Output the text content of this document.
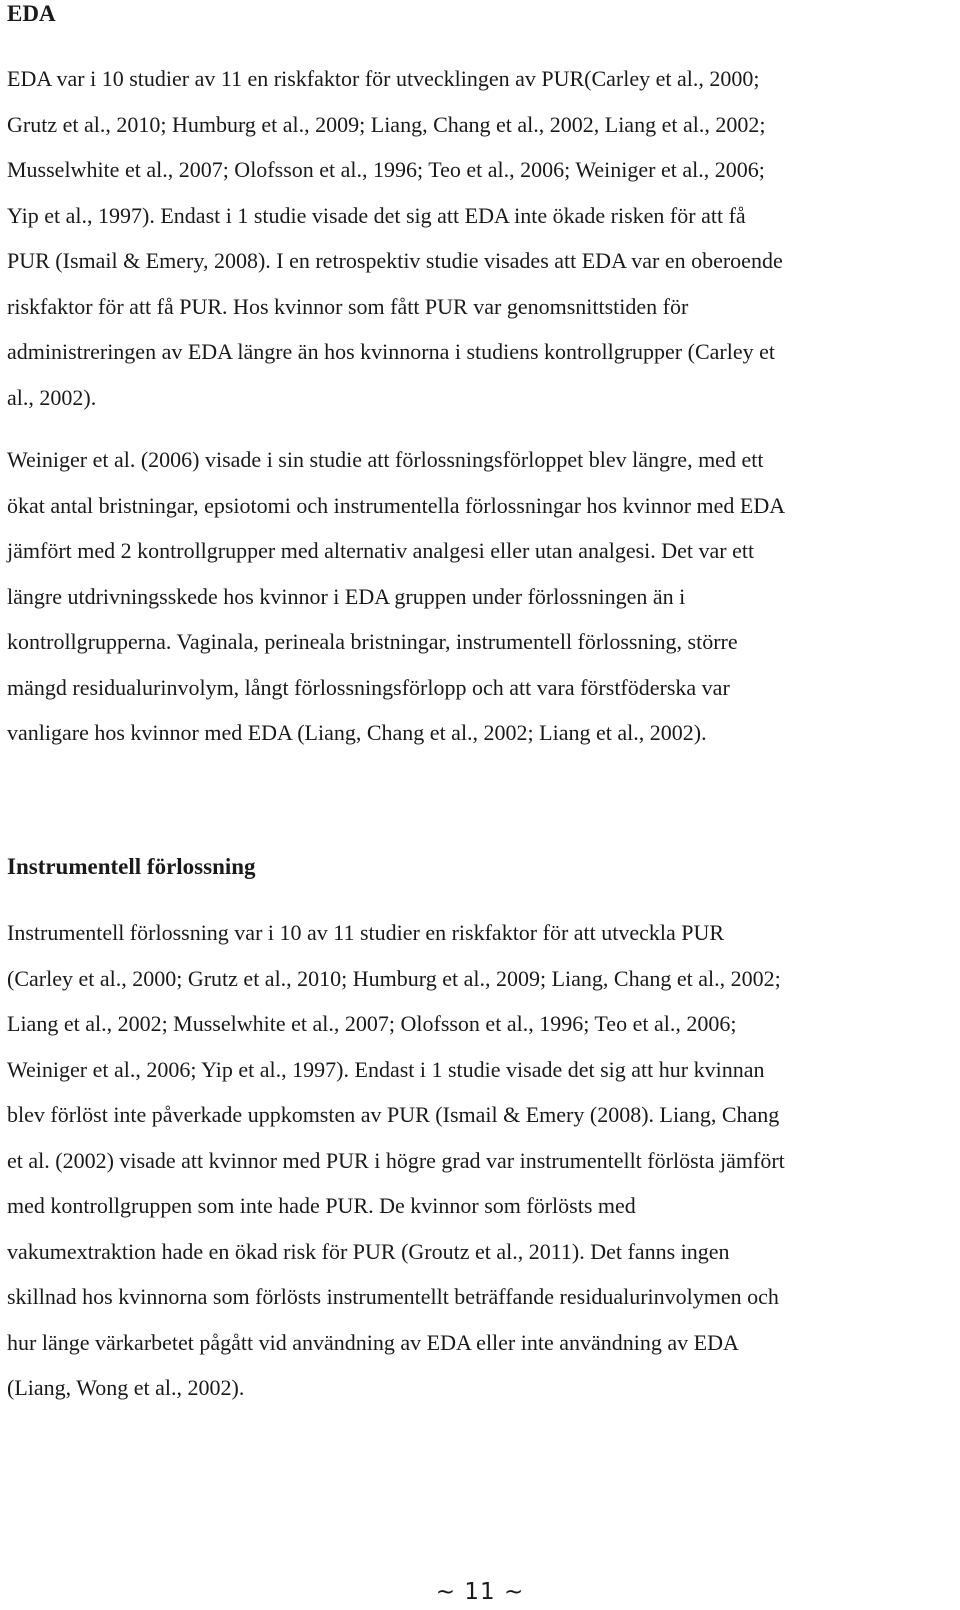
EDA

EDA var i 10 studier av 11 en riskfaktor för utvecklingen av PUR(Carley et al., 2000;
Grutz et al., 2010; Humburg et al., 2009; Liang, Chang et al., 2002, Liang et al., 2002;
Musselwhite et al., 2007; Olofsson et al., 1996; Teo et al., 2006; Weiniger et al., 2006;
Yip et al., 1997). Endast i 1 studie visade det sig att EDA inte ökade risken för att få
PUR (Ismail & Emery, 2008). I en retrospektiv studie visades att EDA var en oberoende
riskfaktor för att få PUR. Hos kvinnor som fått PUR var genomsnittstiden för
administreringen av EDA längre än hos kvinnorna i studiens kontrollgrupper (Carley et
al., 2002).

Weiniger et al. (2006) visade i sin studie att förlossningsförloppet blev längre, med ett
ökat antal bristningar, epsiotomi och instrumentella förlossningar hos kvinnor med EDA
jämfört med 2 kontrollgrupper med alternativ analgesi eller utan analgesi. Det var ett
längre utdrivningsskede hos kvinnor i EDA gruppen under förlossningen än i
kontrollgrupperna. Vaginala, perineala bristningar, instrumentell förlossning, större
mängd residualurinvolym, långt förlossningsförlopp och att vara förstföderska var
vanligare hos kvinnor med EDA (Liang, Chang et al., 2002; Liang et al., 2002).

Instrumentell förlossning

Instrumentell förlossning var i 10 av 11 studier en riskfaktor för att utveckla PUR
(Carley et al., 2000; Grutz et al., 2010; Humburg et al., 2009; Liang, Chang et al., 2002;
Liang et al., 2002; Musselwhite et al., 2007; Olofsson et al., 1996; Teo et al., 2006;
Weiniger et al., 2006; Yip et al., 1997). Endast i 1 studie visade det sig att hur kvinnan
blev förlöst inte påverkade uppkomsten av PUR (Ismail & Emery (2008). Liang, Chang
et al. (2002) visade att kvinnor med PUR i högre grad var instrumentellt förlösta jämfört
med kontrollgruppen som inte hade PUR. De kvinnor som förlösts med
vakumextraktion hade en ökad risk för PUR (Groutz et al., 2011). Det fanns ingen
skillnad hos kvinnorna som förlösts instrumentellt beträffande residualurinvolymen och
hur länge värkarbetet pågått vid användning av EDA eller inte användning av EDA
(Liang, Wong et al., 2002).

~ 11 ~
